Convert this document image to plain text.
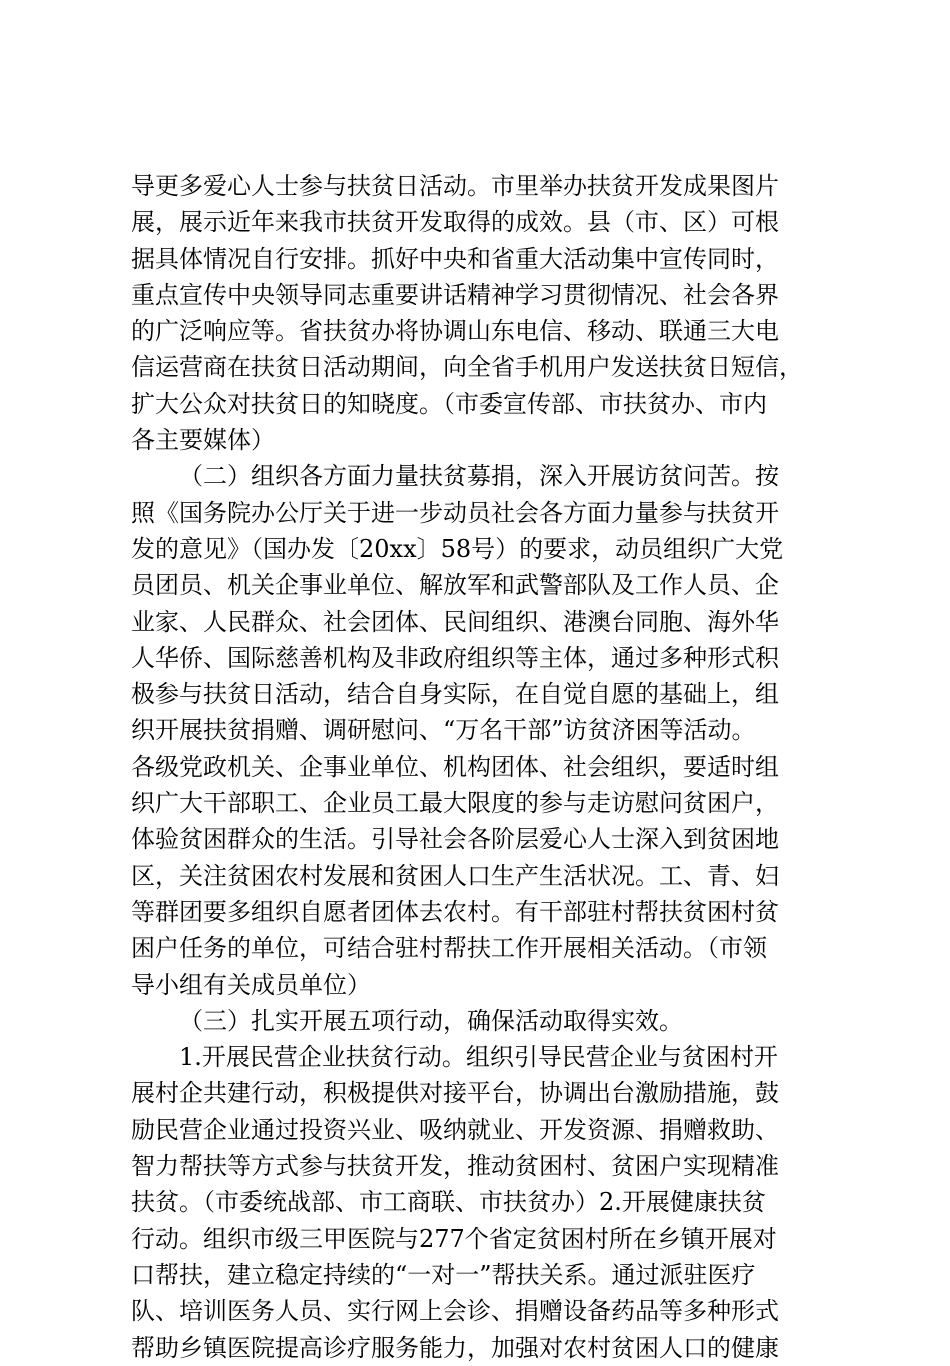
导更多爱心人士参与扶贫日活动。市里举办扶贫开发成果图片
展，展示近年来我市扶贫开发取得的成效。县（市、区）可根
据具体情况自行安排。抓好中央和省重大活动集中宣传同时，
重点宣传中央领导同志重要讲话精神学习贯彻情况、社会各界
的广泛响应等。省扶贫办将协调山东电信、移动、联通三大电
信运营商在扶贫日活动期间，向全省手机用户发送扶贫日短信，
扩大公众对扶贫日的知晓度。（市委宣传部、市扶贫办、市内
各主要媒体）
（二）组织各方面力量扶贫募捐，深入开展访贫问苦。按
照《国务院办公厅关于进一步动员社会各方面力量参与扶贫开
发的意见》（国办发〔20xx〕58号）的要求，动员组织广大党
员团员、机关企事业单位、解放军和武警部队及工作人员、企
业家、人民群众、社会团体、民间组织、港澳台同胞、海外华
人华侨、国际慈善机构及非政府组织等主体，通过多种形式积
极参与扶贫日活动，结合自身实际，在自觉自愿的基础上，组
织开展扶贫捐赠、调研慰问、“万名干部”访贫济困等活动。
各级党政机关、企事业单位、机构团体、社会组织，要适时组
织广大干部职工、企业员工最大限度的参与走访慰问贫困户，
体验贫困群众的生活。引导社会各阶层爱心人士深入到贫困地
区，关注贫困农村发展和贫困人口生产生活状况。工、青、妇
等群团要多组织自愿者团体去农村。有干部驻村帮扶贫困村贫
困户任务的单位，可结合驻村帮扶工作开展相关活动。（市领
导小组有关成员单位）
（三）扎实开展五项行动，确保活动取得实效。
1.开展民营企业扶贫行动。组织引导民营企业与贫困村开
展村企共建行动，积极提供对接平台，协调出台激励措施，鼓
励民营企业通过投资兴业、吸纳就业、开发资源、捐赠救助、
智力帮扶等方式参与扶贫开发，推动贫困村、贫困户实现精准
扶贫。（市委统战部、市工商联、市扶贫办）2.开展健康扶贫
行动。组织市级三甲医院与277个省定贫困村所在乡镇开展对
口帮扶，建立稳定持续的“一对一”帮扶关系。通过派驻医疗
队、培训医务人员、实行网上会诊、捐赠设备药品等多种形式
帮助乡镇医院提高诊疗服务能力，加强对农村贫困人口的健康
